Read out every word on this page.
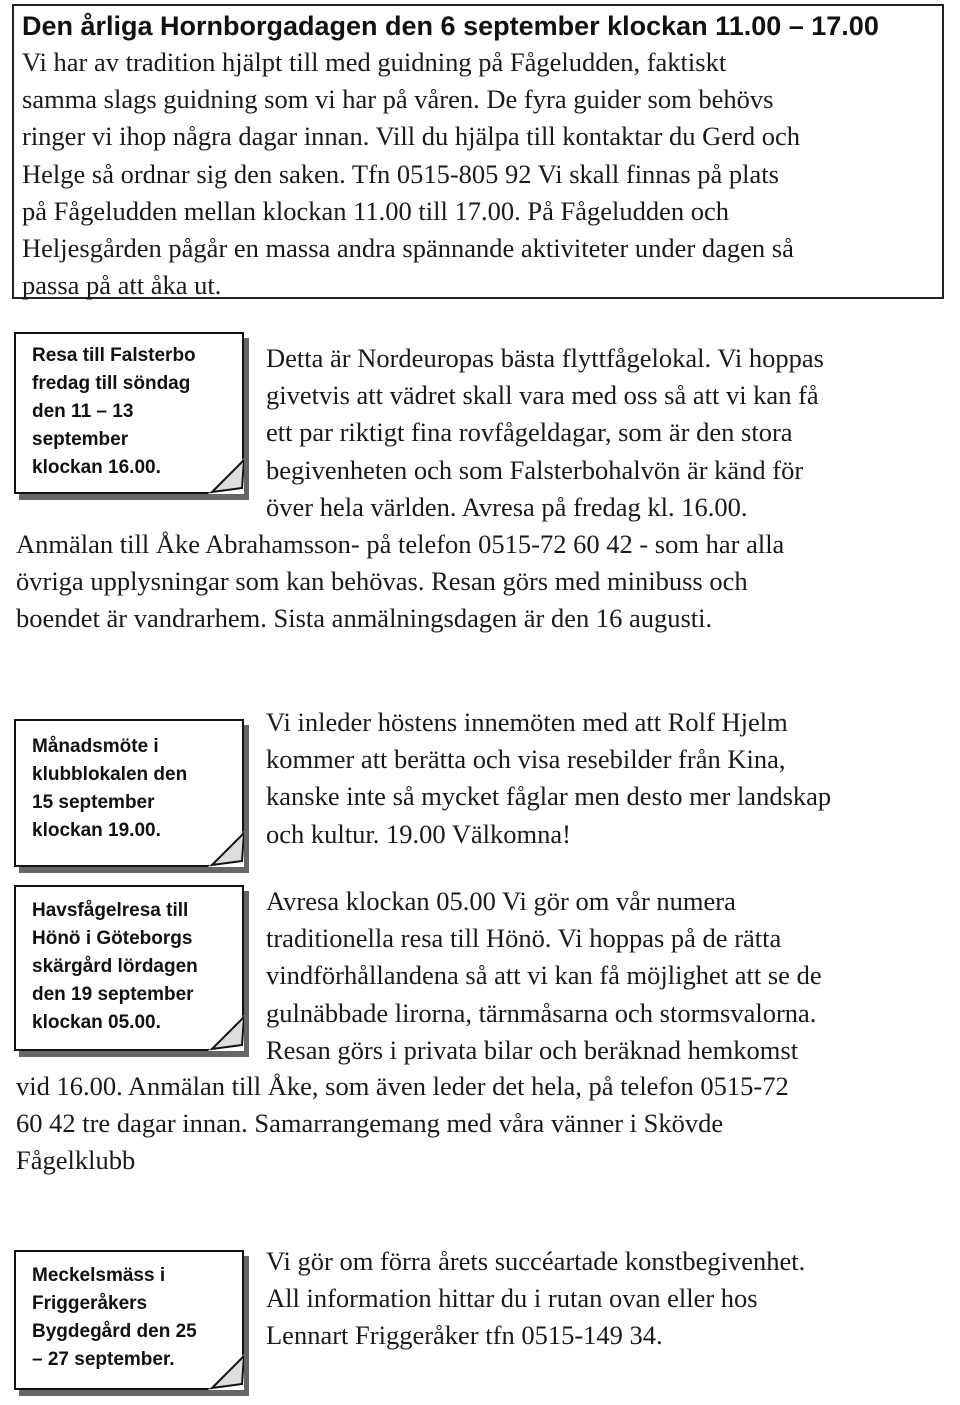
Den årliga Hornborgadagen den 6 september klockan 11.00 – 17.00
Vi har av tradition hjälpt till med guidning på Fågeludden, faktiskt
samma slags guidning som vi har på våren. De fyra guider som behövs
ringer vi ihop några dagar innan. Vill du hjälpa till kontaktar du Gerd och
Helge så ordnar sig den saken. Tfn 0515-805 92 Vi skall finnas på plats
på Fågeludden mellan klockan 11.00 till 17.00. På Fågeludden och
Heljesgården pågår en massa andra spännande aktiviteter under dagen så
passa på att åka ut.
Resa till Falsterbo
fredag till söndag
den 11 – 13
september
klockan 16.00.
Detta är Nordeuropas bästa flyttfågelokal. Vi hoppas
givetvis att vädret skall vara med oss så att vi kan få
ett par riktigt fina rovfågeldagar, som är den stora
begivenheten och som Falsterbohalvön är känd för
över hela världen. Avresa på fredag kl. 16.00.
Anmälan till Åke Abrahamsson- på telefon 0515-72 60 42 - som har alla
övriga upplysningar som kan behövas. Resan görs med minibuss och
boendet är vandrarhem. Sista anmälningsdagen är den 16 augusti.
Månadsmöte i
klubblokalen den
15 september
klockan 19.00.
Vi inleder höstens innemöten med att Rolf Hjelm
kommer att berätta och visa resebilder från Kina,
kanske inte så mycket fåglar men desto mer landskap
och kultur. 19.00 Välkomna!
Havsfågelresa till
Hönö i Göteborgs
skärgård lördagen
den 19 september
klockan 05.00.
Avresa klockan 05.00 Vi gör om vår numera
traditionella resa till Hönö. Vi hoppas på de rätta
vindförhållandena så att vi kan få möjlighet att se de
gulnäbbade lirorna, tärnmåsarna och stormsvalorna.
Resan görs i privata bilar och beräknad hemkomst
vid 16.00. Anmälan till Åke, som även leder det hela, på telefon 0515-72
60 42 tre dagar innan. Samarrangemang med våra vänner i Skövde
Fågelklubb
Meckelsmäss i
Friggeråkers
Bygdegård den 25
– 27 september.
Vi gör om förra årets succéartade konstbegivenhet.
All information hittar du i rutan ovan eller hos
Lennart Friggeråker tfn 0515-149 34.
